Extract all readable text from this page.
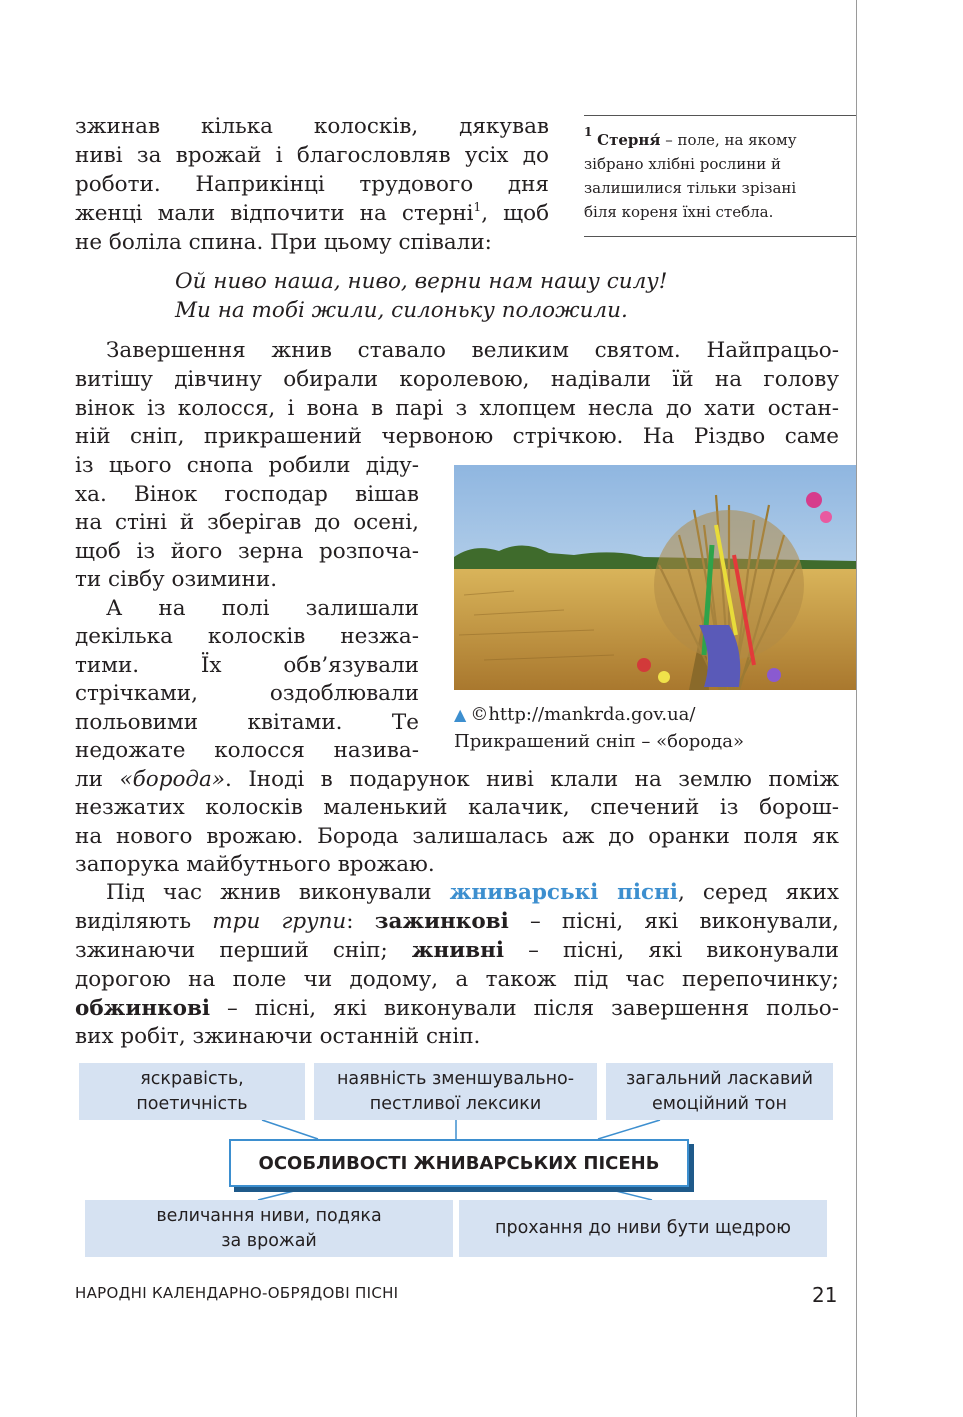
зжинав кілька колосків, дякував
ниві за врожай і благословляв усіх до
роботи. Наприкінці трудового дня
женці мали відпочити на стерні$^1$, щоб
не боліла спина. При цьому співали:
$^1$ Стерня́ – поле, на якому
зібрано хлібні рослини й
залишилися тільки зрізані
біля кореня їхні стебла.
Ой ниво наша, ниво, верни нам нашу силу!
Ми на тобі жили, силоньку положили.
Завершення жнив ставало великим святом. Найпрацьо-
витішу дівчину обирали королевою, надівали їй на голову
вінок із колосся, і вона в парі з хлопцем несла до хати остан-
ній сніп, прикрашений червоною стрічкою. На Різдво саме
із цього снопа робили діду-
ха. Вінок господар вішав
на стіні й зберігав до осені,
щоб із його зерна розпоча-
ти сівбу озимини.
А на полі залишали
декілька колосків незжа-
тими. Їх обв’язували
стрічками, оздоблювали
польовими квітами. Те
недожате колосся назива-
ли «борода». Іноді в подарунок ниві клали на землю поміж
незжатих колосків маленький калачик, спечений із борош-
на нового врожаю. Борода залишалась аж до оранки поля як
запорука майбутнього врожаю.
▲ ©http://mankrda.gov.ua/
Прикрашений сніп – «борода»
Під час жнив виконували жниварські пісні, серед яких
виділяють три групи: зажинкові – пісні, які виконували,
зжинаючи перший сніп; жнивні – пісні, які виконували
дорогою на поле чи додому, а також під час перепочинку;
обжинкові – пісні, які виконували після завершення польо-
вих робіт, зжинаючи останній сніп.
яскравість,
поетичність
наявність зменшувально-
пестливої лексики
загальний ласкавий
емоційний тон
ОСОБЛИВОСТІ ЖНИВАРСЬКИХ ПІСЕНЬ
величання ниви, подяка
за врожай
прохання до ниви бути щедрою
НАРОДНІ КАЛЕНДАРНО-ОБРЯДОВІ ПІСНІ	21
